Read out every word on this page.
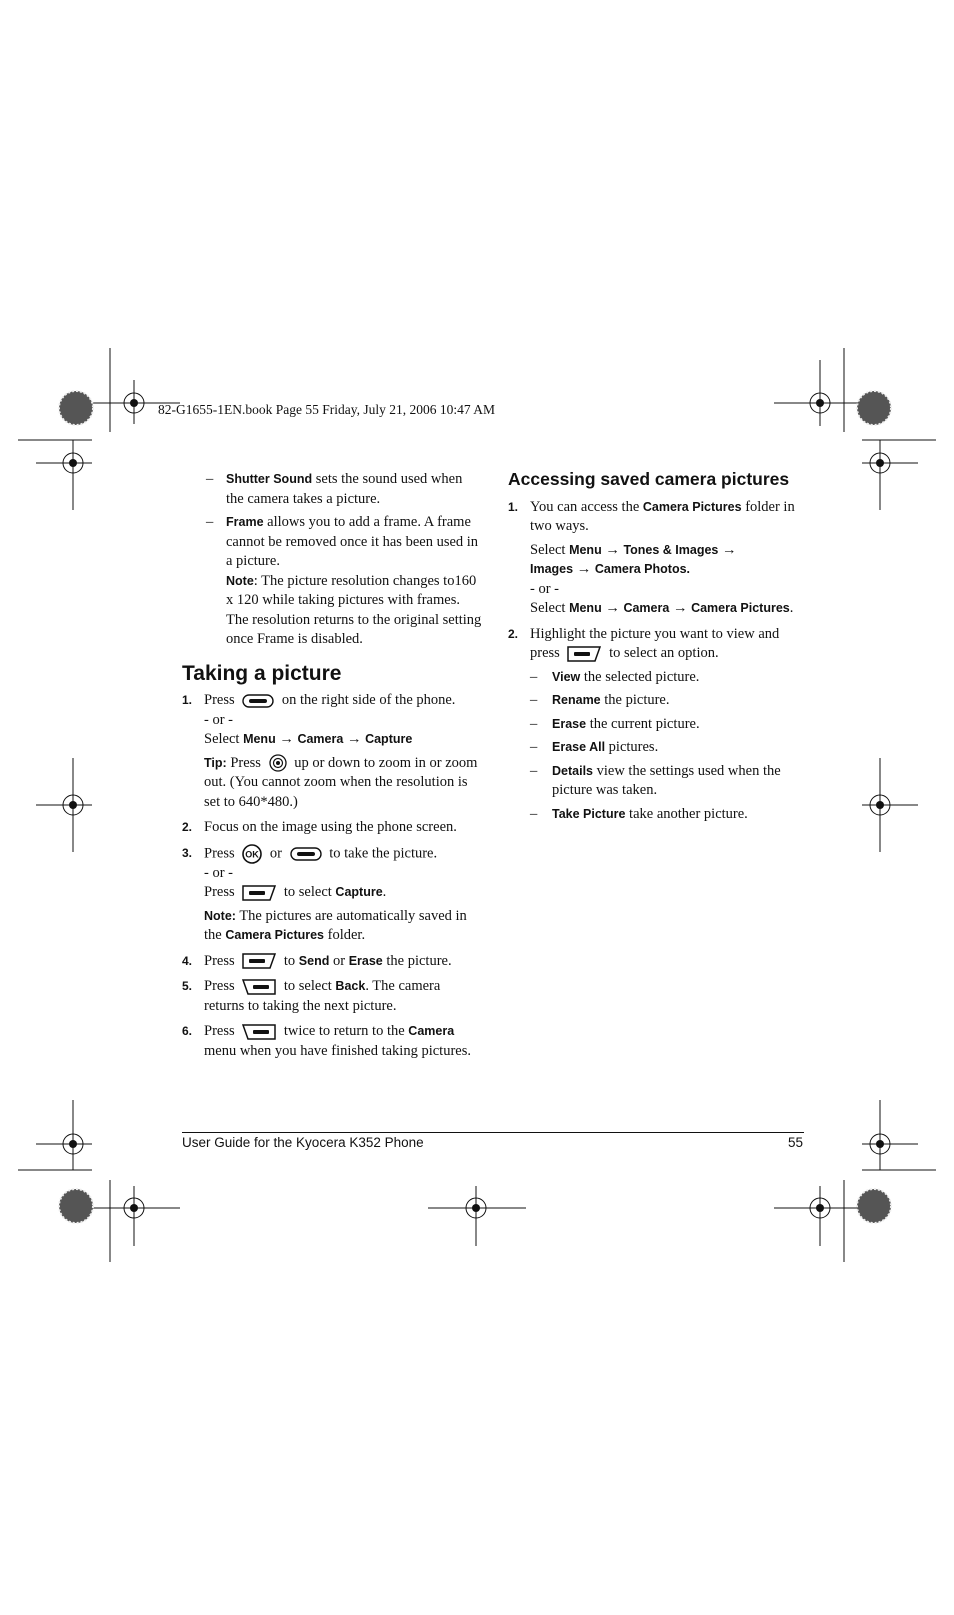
82-G1655-1EN.book Page 55 Friday, July 21, 2006 10:47 AM
– Shutter Sound sets the sound used when the camera takes a picture.
– Frame allows you to add a frame. A frame cannot be removed once it has been used in a picture.
Note: The picture resolution changes to160 x 120 while taking pictures with frames. The resolution returns to the original setting once Frame is disabled.
Taking a picture
1. Press	on the right side of the phone.
- or -
Select Menu → Camera → Capture
Tip: Press up or down to zoom in or zoom out. (You cannot zoom when the resolution is set to 640*480.)
2. Focus on the image using the phone screen.
3. Press OK or	to take the picture.
- or -
Press	to select Capture.
Note: The pictures are automatically saved in the Camera Pictures folder.
4. Press	to Send or Erase the picture.
5. Press	to select Back. The camera returns to taking the next picture.
6. Press	twice to return to the Camera menu when you have finished taking pictures.
Accessing saved camera pictures
1. You can access the Camera Pictures folder in two ways.
Select Menu → Tones & Images →
Images → Camera Photos.
- or -
Select Menu → Camera → Camera Pictures.
2. Highlight the picture you want to view and press	to select an option.
– View the selected picture.
– Rename the picture.
– Erase the current picture.
– Erase All pictures.
– Details view the settings used when the picture was taken.
– Take Picture take another picture.
User Guide for the Kyocera K352 Phone	55
